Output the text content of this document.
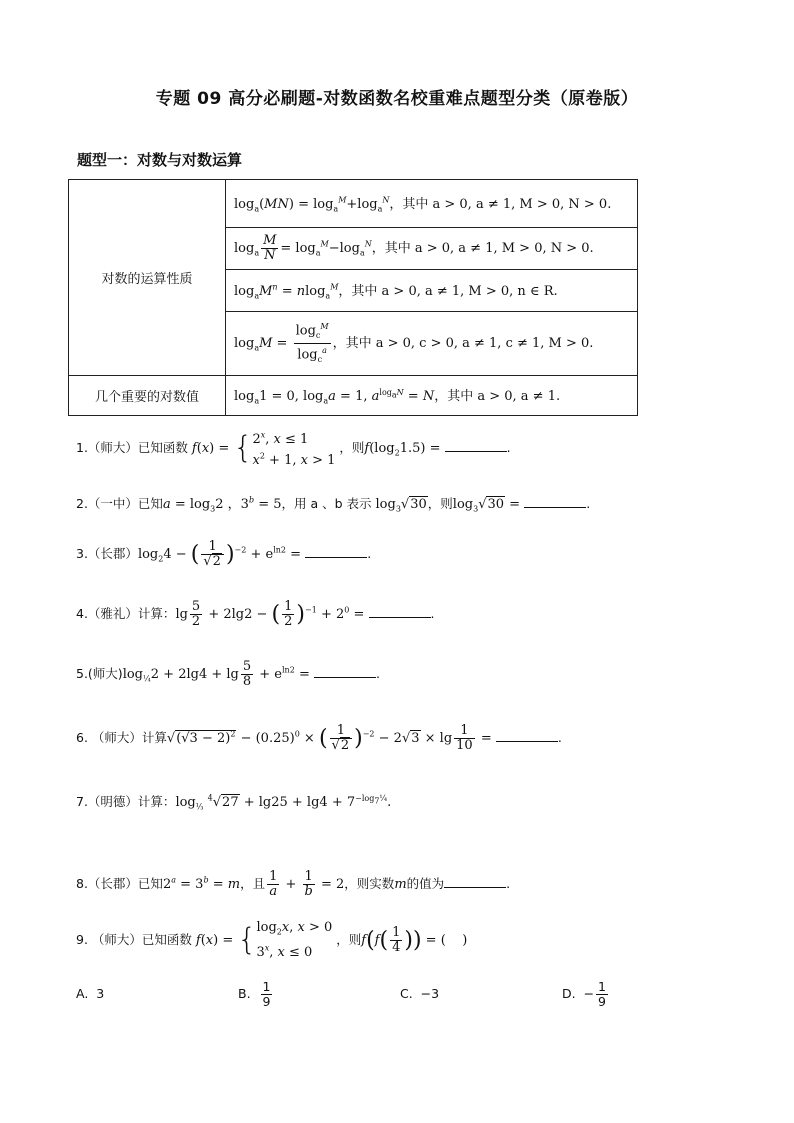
专题 09 高分必刷题-对数函数名校重难点题型分类（原卷版）
题型一：对数与对数运算
对数的运算性质	$\log_a(MN) = \log_a^M+\log_a^N$，其中 a > 0, a ≠ 1, M > 0, N > 0.
	$\log_a \frac{M}{N} = \log_a^M-\log_a^N$，其中 a > 0, a ≠ 1, M > 0, N > 0.
	$\log_aM^n = nlog_a^M$，其中 a > 0, a ≠ 1, M > 0, n ∈ R.
	$\log_aM = \frac{\log_c^M}{\log_c^a}$ ，其中 a > 0, c > 0, a ≠ 1, c ≠ 1, M > 0.
几个重要的对数值	$\log_a1 = 0$, $\log_aa = 1$, $a^{log_aN} = N$，其中 a > 0, a ≠ 1.
1.（师大）已知函数 $f(x) = \{2^x$, x ≤ 1
$x^2 + 1$, x > 1 ，则$f(\log_21.5)$ =	.
2.（一中）已知$a = \log_32$ ，$3^b = 5$，用 a 、b 表示 $\log_3√30$，则$\log_3√30$ =	.
3.（长郡）$\log_24$ − ( $\frac{1}{√2} )^{-2} + e^{ln2}$ =	.
4.（雅礼）计算：$\lg \frac{5}{2} + 2\lg 2$ − ( $\frac{1}{2} )^{-1} + 2^0$ =	.
5.(师大)$\log_{\frac{1}{4}}2 + 2\lg 4 + \lg \frac{5}{8} + e^{ln2}$ =	.
6. （师大）计算$√(√3 - 2)^2 - (0.25)^0$ × ( $\frac{1}{√2} )^{-2} - 2√3 \times \lg \frac{1}{10}$ =	.
7.（明德）计算：$\log_{\frac{1}{3}} ^4√27 + \lg 25 + \lg 4 + 7^{-log_7\frac{1}{4}}$.
8.（长郡）已知$2^a = 3^b = m$，且 $\frac{1}{a} + \frac{1}{b} = 2$，则实数m的值为	.
9. （师大）已知函数 $f(x) = \{\log_2x$, x > 0
3$^x$, x ≤ 0 ，则$f(f( \frac{1}{4}$ )) = (    )
A. 3	B. $\frac{1}{9}$	C. −3	D. − $\frac{1}{9}$
